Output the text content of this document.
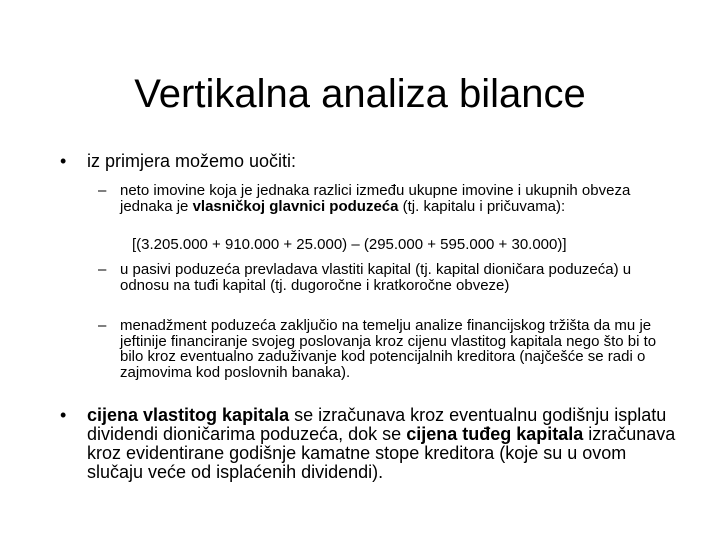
Vertikalna analiza bilance
•	iz primjera možemo uočiti:
– neto imovine koja je jednaka razlici između ukupne imovine i ukupnih obveza jednaka je vlasničkoj glavnici poduzeća (tj. kapitalu i pričuvama):
[(3.205.000 + 910.000 + 25.000) – (295.000 + 595.000 + 30.000)]
– u pasivi poduzeća prevladava vlastiti kapital (tj. kapital dioničara poduzeća) u odnosu na tuđi kapital (tj. dugoročne i kratkoročne obveze)
– menadžment poduzeća zaključio na temelju analize financijskog tržišta da mu je jeftinije financiranje svojeg poslovanja kroz cijenu vlastitog kapitala nego što bi to bilo kroz eventualno zaduživanje kod potencijalnih kreditora (najčešće se radi o zajmovima kod poslovnih banaka).
•	cijena vlastitog kapitala se izračunava kroz eventualnu godišnju isplatu dividendi dioničarima poduzeća, dok se cijena tuđeg kapitala izračunava kroz evidentirane godišnje kamatne stope kreditora (koje su u ovom slučaju veće od isplaćenih dividendi).
